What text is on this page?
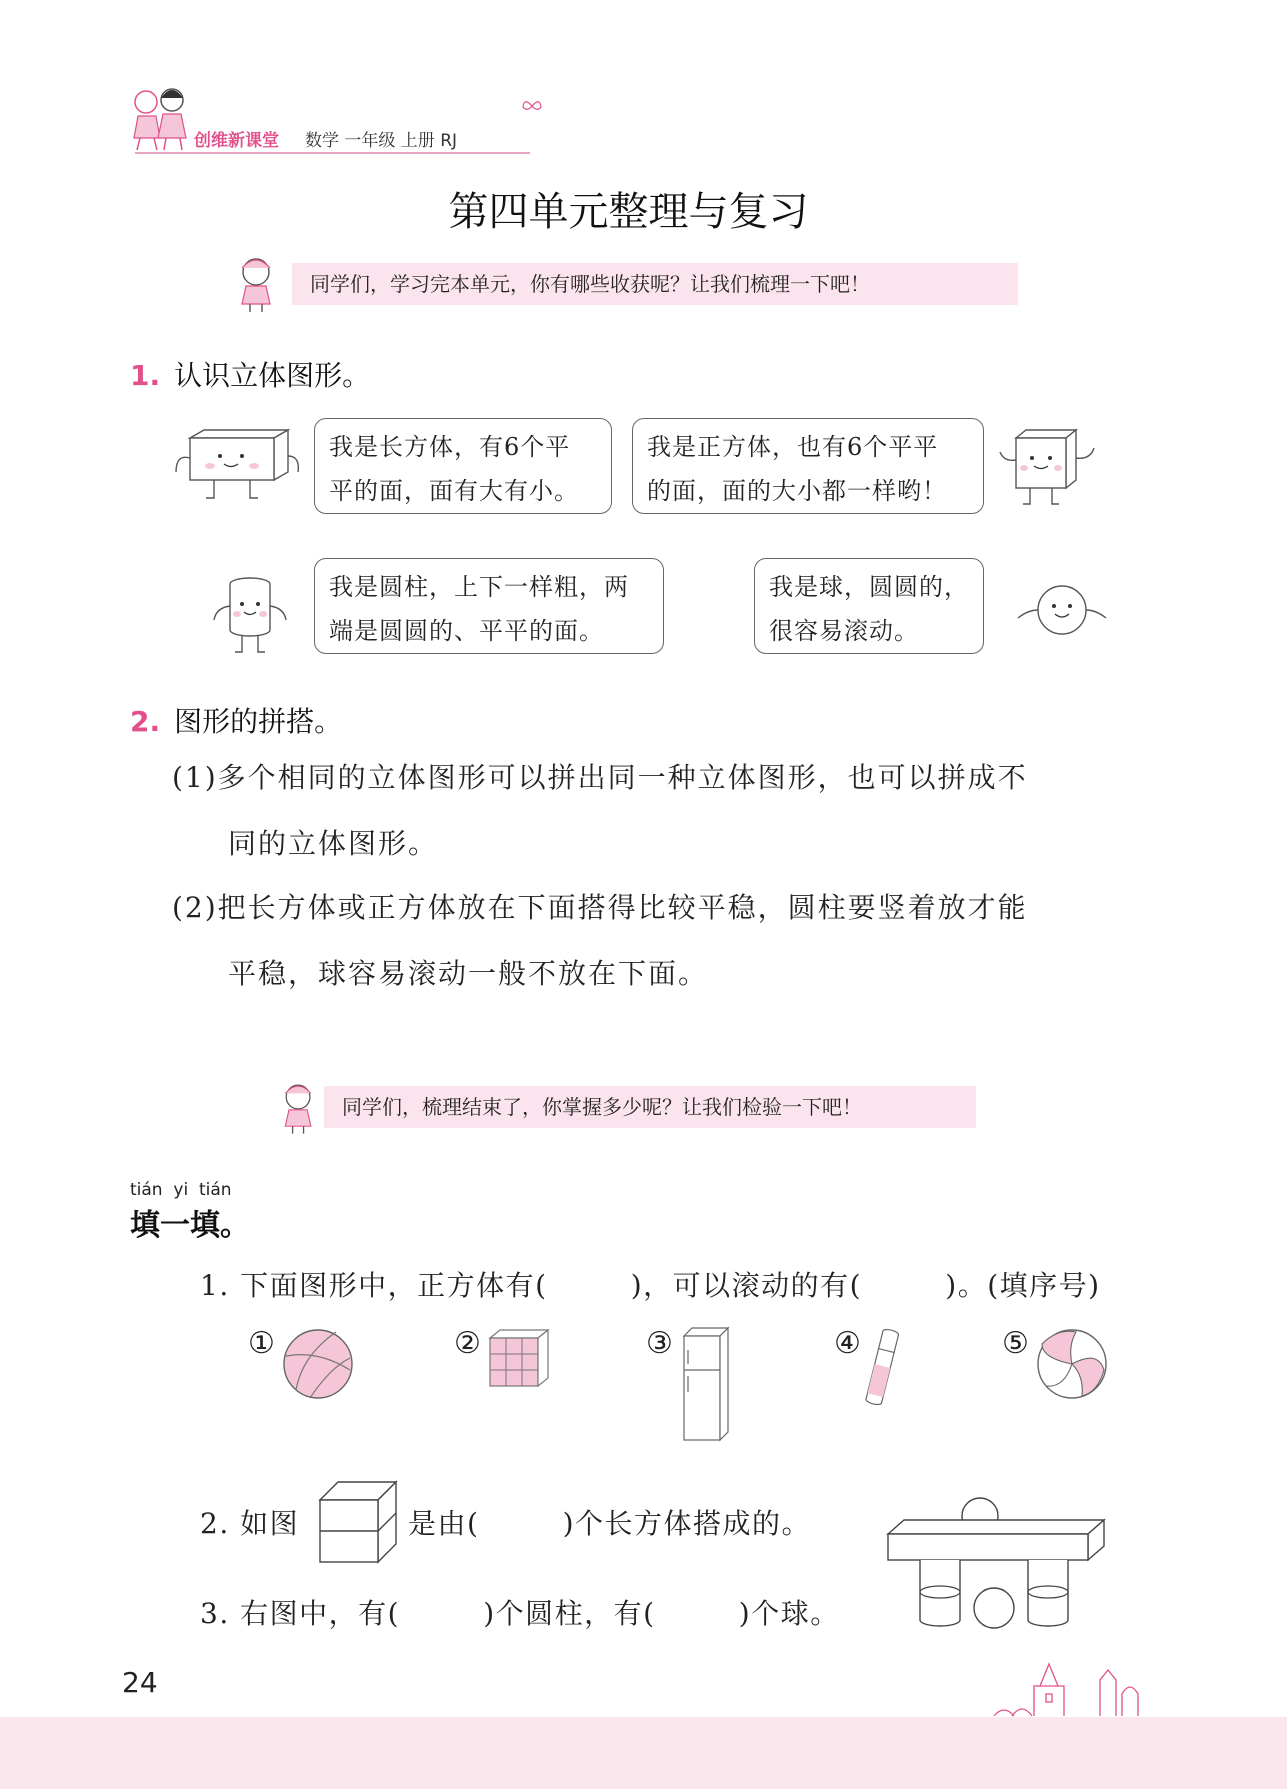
创维新课堂 数学 一年级 上册 RJ
第四单元整理与复习
同学们，学习完本单元，你有哪些收获呢？让我们梳理一下吧！
1. 认识立体图形。
我是长方体，有6个平
平的面，面有大有小。
我是正方体，也有6个平平
的面，面的大小都一样哟！
我是圆柱，上下一样粗，两
端是圆圆的、平平的面。
我是球，圆圆的，
很容易滚动。
2. 图形的拼搭。
(1)多个相同的立体图形可以拼出同一种立体图形，也可以拼成不
同的立体图形。
(2)把长方体或正方体放在下面搭得比较平稳，圆柱要竖着放才能
平稳，球容易滚动一般不放在下面。
同学们，梳理结束了，你掌握多少呢？让我们检验一下吧！
tián  yi  tián
填一填。
1. 下面图形中，正方体有(        )，可以滚动的有(        )。(填序号)
①	②	③	④	⑤
2. 如图	是由(        )个长方体搭成的。
3. 右图中，有(        )个圆柱，有(        )个球。
24
